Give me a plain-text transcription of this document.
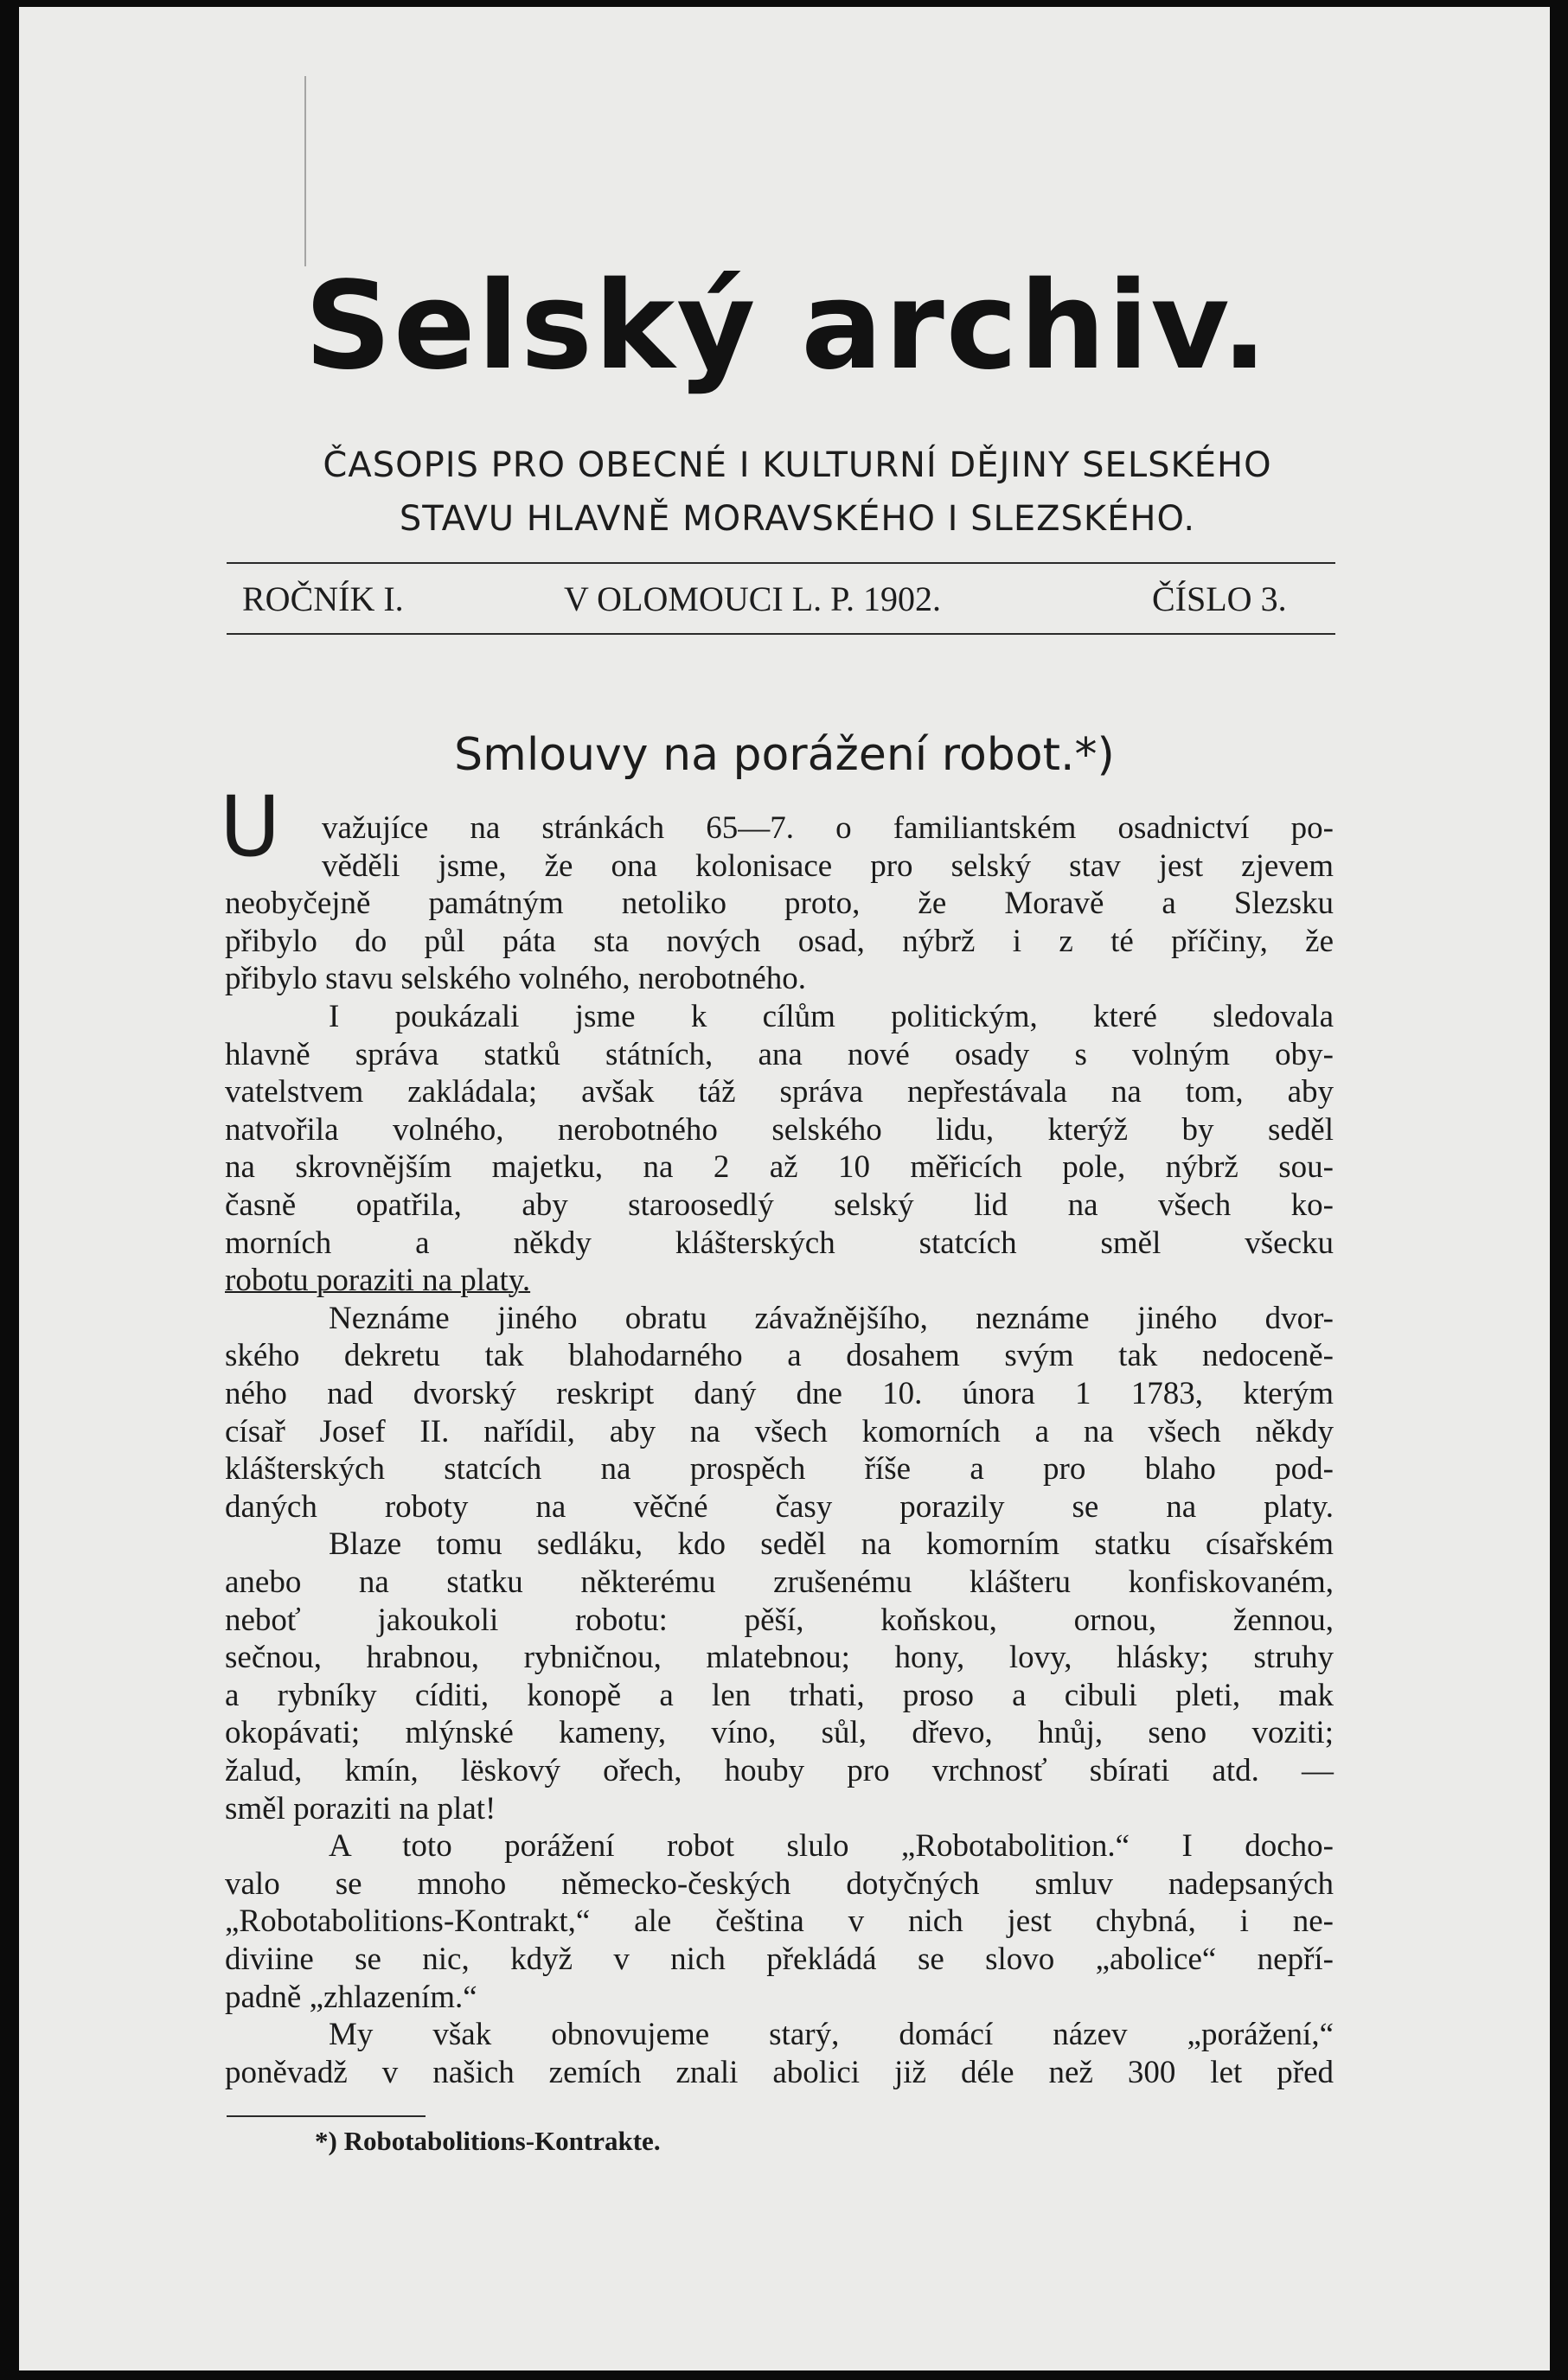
Selský archiv.
ČASOPIS PRO OBECNÉ I KULTURNÍ DĚJINY SELSKÉHO
STAVU HLAVNĚ MORAVSKÉHO I SLEZSKÉHO.
ROČNÍK I.	V OLOMOUCI L. P. 1902.	ČÍSLO 3.
Smlouvy na porážení robot.*)
U važujíce na stránkách 65—7. o familiantském osadnictví po-
věděli jsme, že ona kolonisace pro selský stav jest zjevem
neobyčejně památným netoliko proto, že Moravě a Slezsku
přibylo do půl páta sta nových osad, nýbrž i z té příčiny, že
přibylo stavu selského volného, nerobotného.
I poukázali jsme k cílům politickým, které sledovala
hlavně správa statků státních, ana nové osady s volným oby-
vatelstvem zakládala; avšak táž správa nepřestávala na tom, aby
natvořila volného, nerobotného selského lidu, kterýž by seděl
na skrovnějším majetku, na 2 až 10 měřicích pole, nýbrž sou-
časně opatřila, aby staroosedlý selský lid na všech ko-
morních a někdy klášterských statcích směl všecku
robotu poraziti na platy.
Neznáme jiného obratu závažnějšího, neznáme jiného dvor-
ského dekretu tak blahodarného a dosahem svým tak nedoceně-
ného nad dvorský reskript daný dne 10. února 1 1783, kterým
císař Josef II. nařídil, aby na všech komorních a na všech někdy
klášterských statcích na prospěch říše a pro blaho pod-
daných roboty na věčné časy porazily se na platy.
Blaze tomu sedláku, kdo seděl na komorním statku císařském
anebo na statku některému zrušenému klášteru konfiskovaném,
neboť jakoukoli robotu: pěší, koňskou, ornou, žennou,
sečnou, hrabnou, rybničnou, mlatebnou; hony, lovy, hlásky; struhy
a rybníky cíditi, konopě a len trhati, proso a cibuli pleti, mak
okopávati; mlýnské kameny, víno, sůl, dřevo, hnůj, seno voziti;
žalud, kmín, lëskový ořech, houby pro vrchnosť sbírati atd. —
směl poraziti na plat!
A toto porážení robot slulo „Robotabolition.“ I docho-
valo se mnoho německo-českých dotyčných smluv nadepsaných
„Robotabolitions-Kontrakt,“ ale čeština v nich jest chybná, i ne-
diviine se nic, když v nich překládá se slovo „abolice“ nepří-
padně „zhlazením.“
My však obnovujeme starý, domácí název „porážení,“
poněvadž v našich zemích znali abolici již déle než 300 let před
*) Robotabolitions-Kontrakte.
